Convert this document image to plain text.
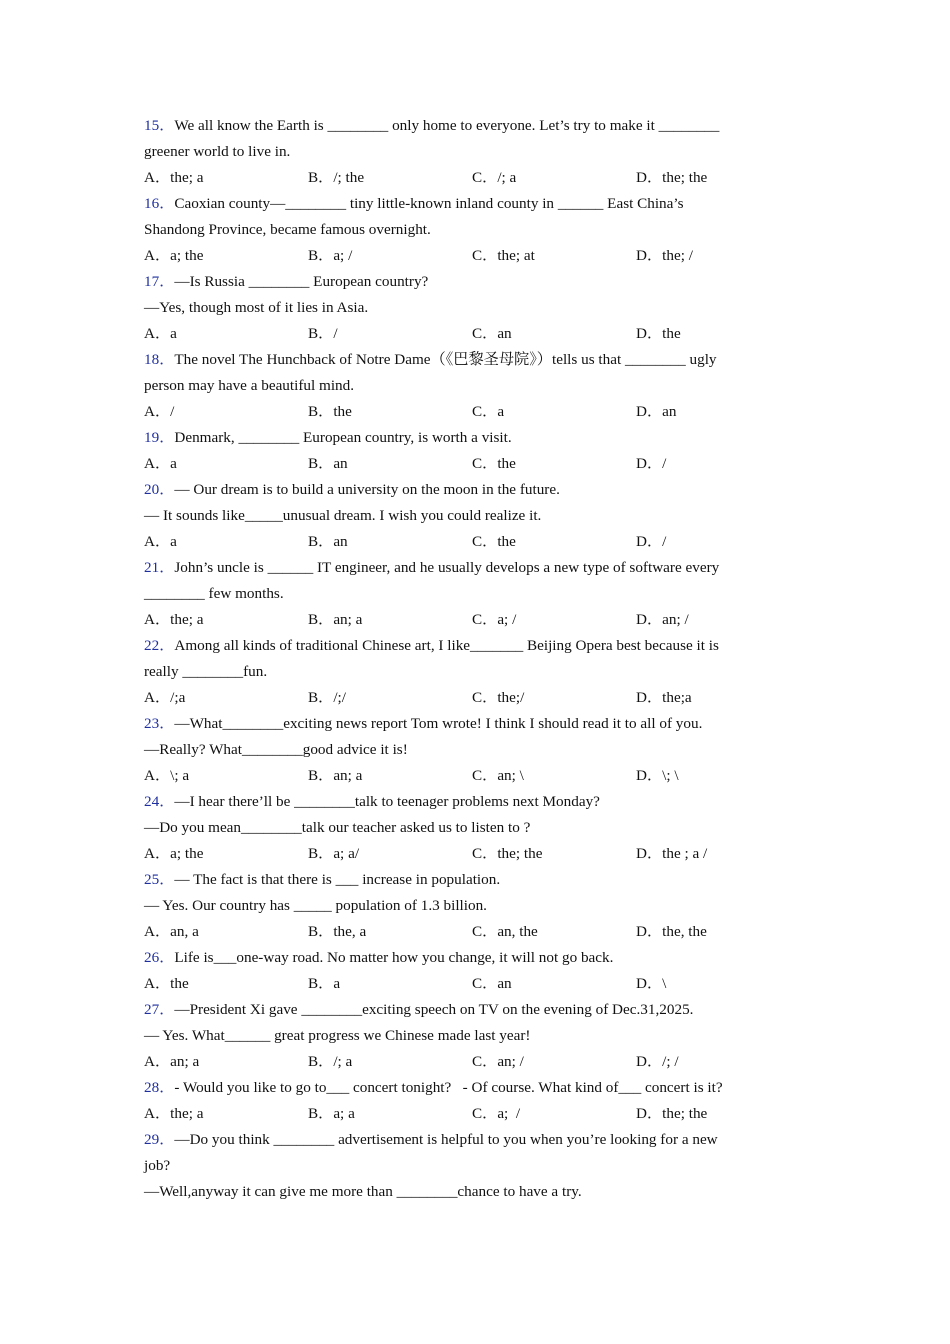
15．We all know the Earth is ________ only home to everyone. Let’s try to make it ________
greener world to live in.
A．the; a	B．/; the	C．/; a	D．the; the
16．Caoxian county—________ tiny little-known inland county in ______ East China’s
Shandong Province, became famous overnight.
A．a; the	B．a; /	C．the; at	D．the; /
17．—Is Russia ________ European country?
—Yes, though most of it lies in Asia.
A．a	B．/	C．an	D．the
18．The novel The Hunchback of Notre Dame（《巴黎圣母院》）tells us that ________ ugly
person may have a beautiful mind.
A．/	B．the	C．a	D．an
19．Denmark, ________ European country, is worth a visit.
A．a	B．an	C．the	D．/
20．— Our dream is to build a university on the moon in the future.
— It sounds like_____unusual dream. I wish you could realize it.
A．a	B．an	C．the	D．/
21．John’s uncle is ______ IT engineer, and he usually develops a new type of software every
________ few months.
A．the; a	B．an; a	C．a; /	D．an; /
22．Among all kinds of traditional Chinese art, I like_______ Beijing Opera best because it is
really ________fun.
A．/;a	B．/;/	C．the;/	D．the;a
23．—What________exciting news report Tom wrote! I think I should read it to all of you.
—Really? What________good advice it is!
A．\; a	B．an; a	C．an; \	D．\; \
24．—I hear there’ll be ________talk to teenager problems next Monday?
—Do you mean________talk our teacher asked us to listen to ?
A．a; the	B．a; a/	C．the; the	D．the ; a /
25．— The fact is that there is ___ increase in population.
— Yes. Our country has _____ population of 1.3 billion.
A．an, a	B．the, a	C．an, the	D．the, the
26．Life is___one-way road. No matter how you change, it will not go back.
A．the	B．a	C．an	D．\
27．—President Xi gave ________exciting speech on TV on the evening of Dec.31,2025.
— Yes. What______ great progress we Chinese made last year!
A．an; a	B．/; a	C．an; /	D．/; /
28．- Would you like to go to___ concert tonight?   - Of course. What kind of___ concert is it?
A．the; a	B．a; a	C．a;  /	D．the; the
29．—Do you think ________ advertisement is helpful to you when you’re looking for a new
job?
—Well,anyway it can give me more than ________chance to have a try.
